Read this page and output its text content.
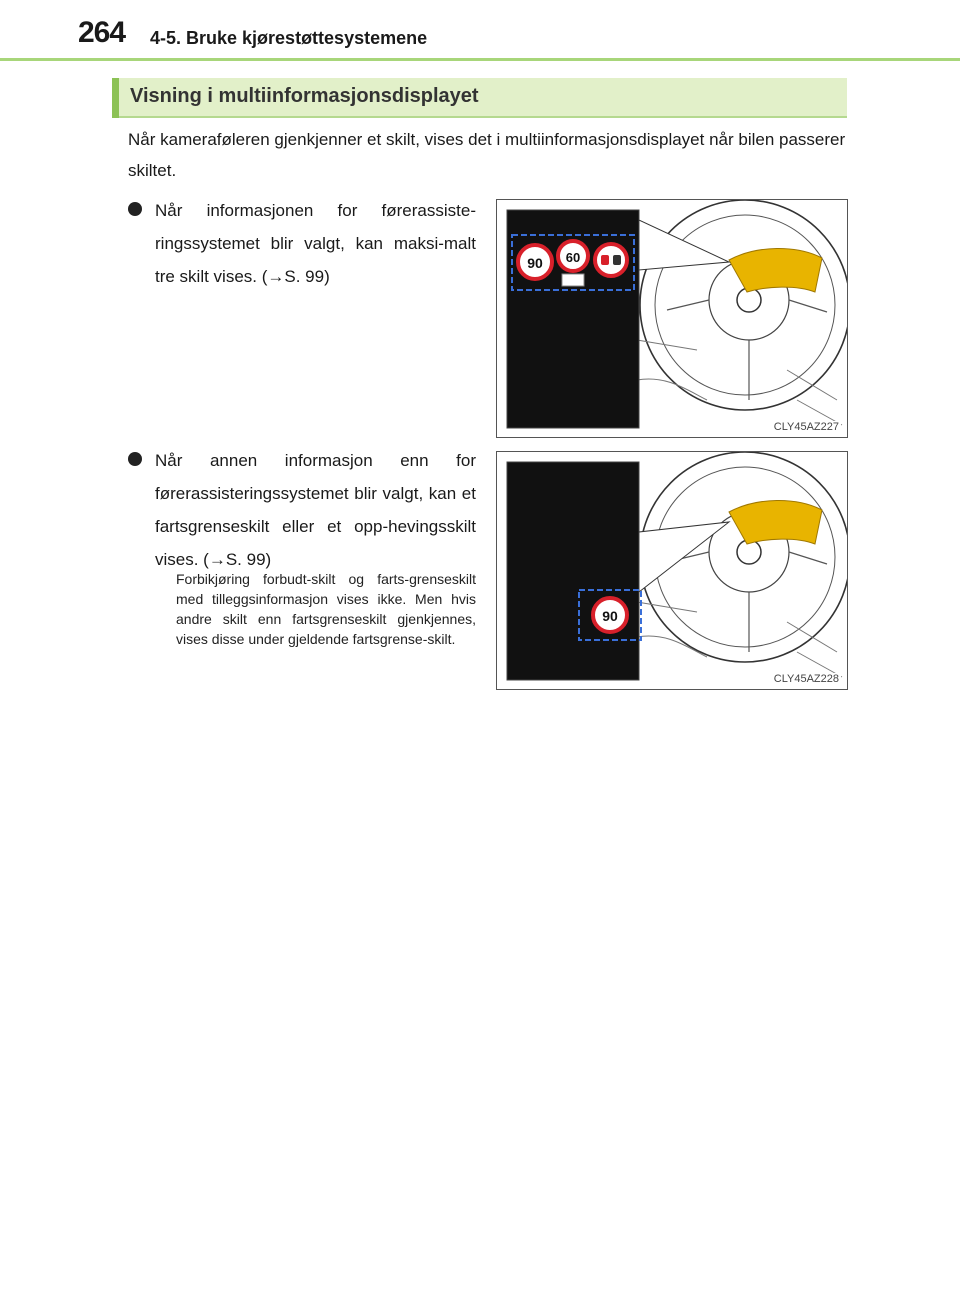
264 4-5. Bruke kjørestøttesystemene
Visning i multiinformasjonsdisplayet
Når kameraføleren gjenkjenner et skilt, vises det i multiinformasjonsdisplayet når bilen passerer skiltet.
Når informasjonen for førerassiste-ringssystemet blir valgt, kan maksi-malt tre skilt vises. (→S. 99)
Når annen informasjon enn for førerassisteringssystemet blir valgt, kan et fartsgrenseskilt eller et opp-hevingsskilt vises. (→S. 99)
Forbikjøring forbudt-skilt og farts-grenseskilt med tilleggsinformasjon vises ikke. Men hvis andre skilt enn fartsgrenseskilt gjenkjennes, vises disse under gjeldende fartsgrense-skilt.
90 60
CLY45AZ227
90
CLY45AZ228
